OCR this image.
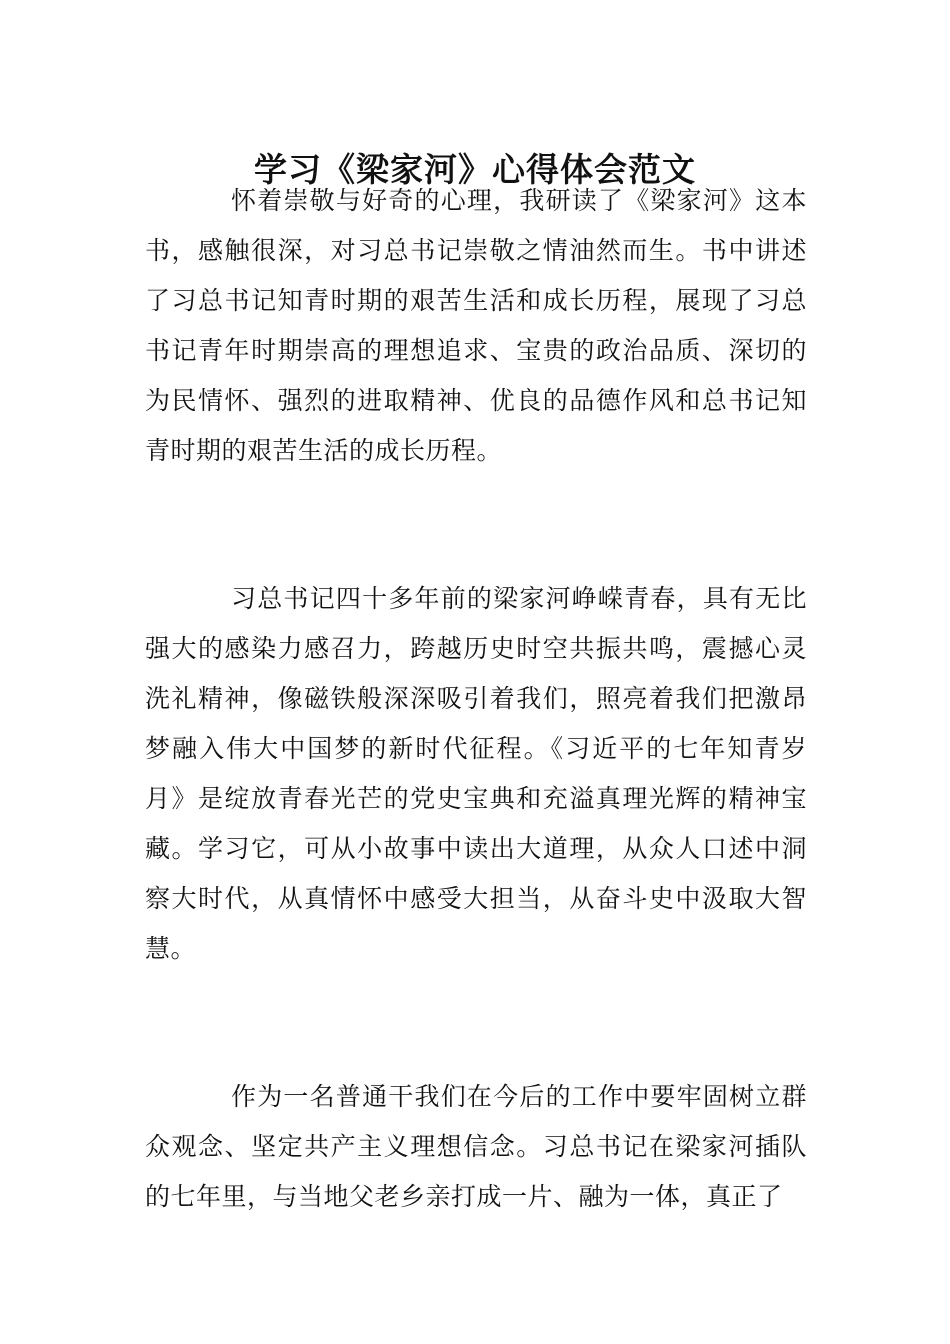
学习《梁家河》心得体会范文

怀着崇敬与好奇的心理，我研读了《梁家河》这本书，感触很深，对习总书记崇敬之情油然而生。书中讲述了习总书记知青时期的艰苦生活和成长历程，展现了习总书记青年时期崇高的理想追求、宝贵的政治品质、深切的为民情怀、强烈的进取精神、优良的品德作风和总书记知青时期的艰苦生活的成长历程。

习总书记四十多年前的梁家河峥嵘青春，具有无比强大的感染力感召力，跨越历史时空共振共鸣，震撼心灵洗礼精神，像磁铁般深深吸引着我们，照亮着我们把激昂梦融入伟大中国梦的新时代征程。《习近平的七年知青岁月》是绽放青春光芒的党史宝典和充溢真理光辉的精神宝藏。学习它，可从小故事中读出大道理，从众人口述中洞察大时代，从真情怀中感受大担当，从奋斗史中汲取大智慧。

作为一名普通干我们在今后的工作中要牢固树立群众观念、坚定共产主义理想信念。习总书记在梁家河插队的七年里，与当地父老乡亲打成一片、融为一体，真正了
